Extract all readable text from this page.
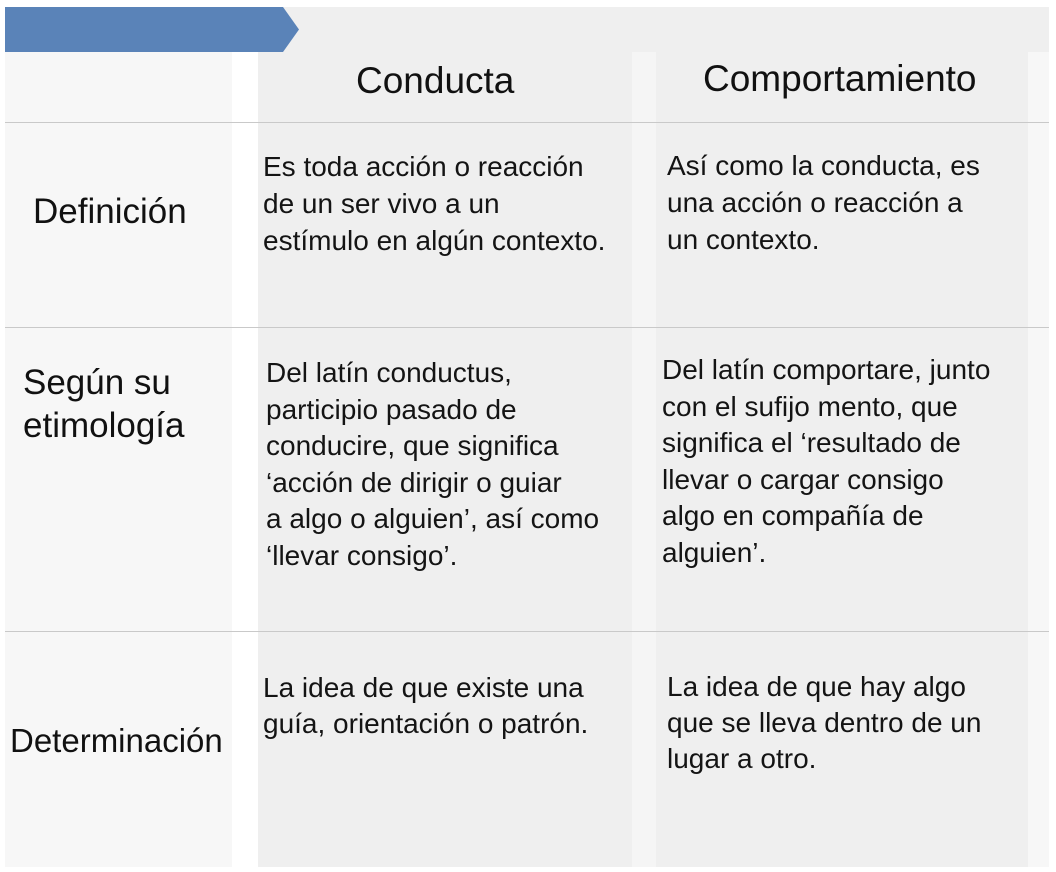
Conducta	Comportamiento
Definición
Según su
etimología
Determinación
Es toda acción o reacción
de un ser vivo a un
estímulo en algún contexto.
Así como la conducta, es
una acción o reacción a
un contexto.
Del latín conductus,
participio pasado de
conducire, que significa
‘acción de dirigir o guiar
a algo o alguien’, así como
‘llevar consigo’.
Del latín comportare, junto
con el sufijo mento, que
significa el ‘resultado de
llevar o cargar consigo
algo en compañía de
alguien’.
La idea de que existe una
guía, orientación o patrón.
La idea de que hay algo
que se lleva dentro de un
lugar a otro.
